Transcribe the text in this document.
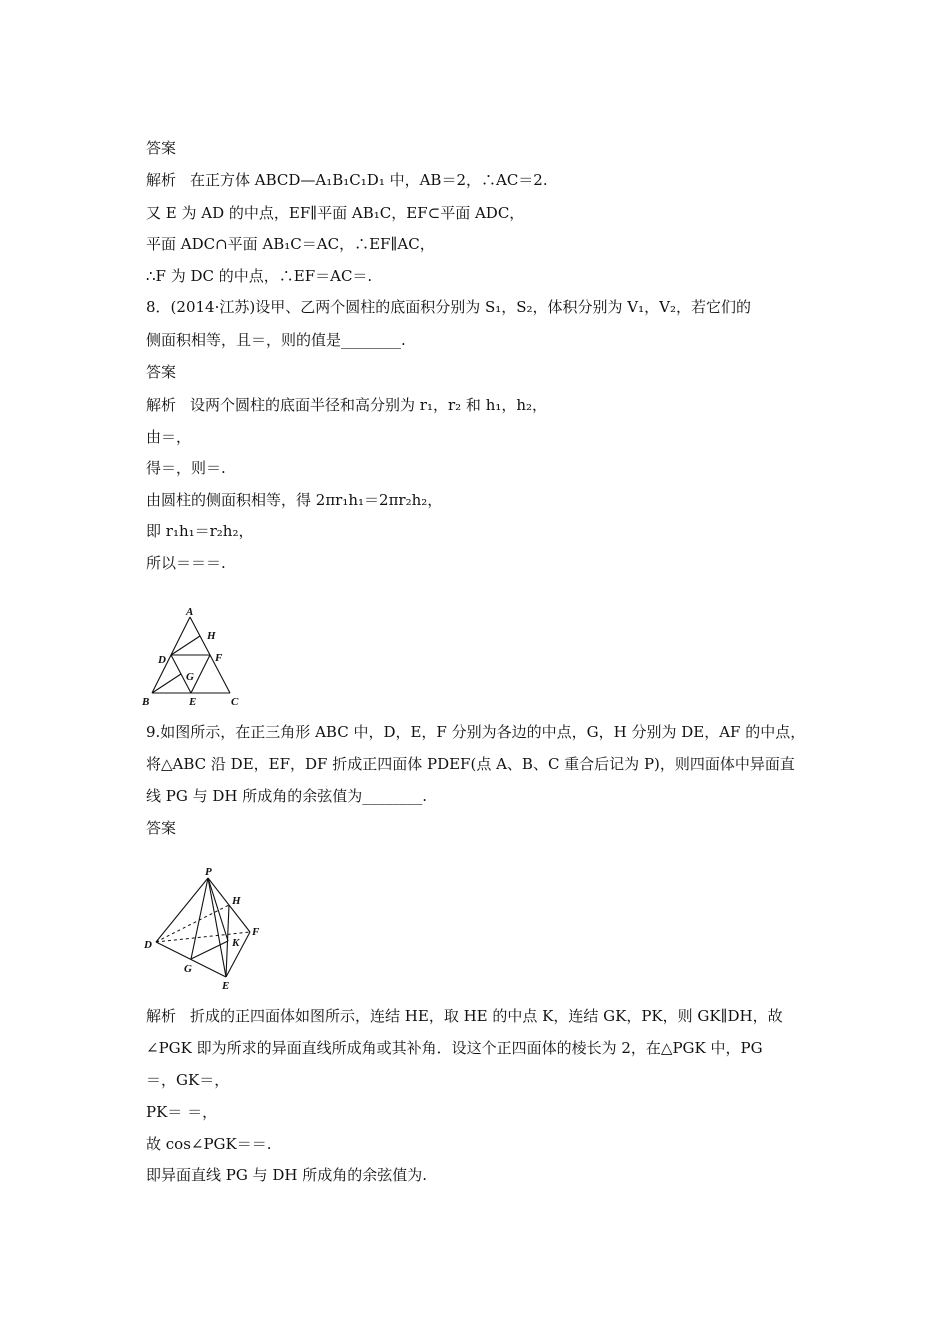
答案
解析 在正方体 ABCD—A₁B₁C₁D₁ 中，AB＝2，∴AC＝2.
又 E 为 AD 的中点，EF∥平面 AB₁C，EF⊂平面 ADC，
平面 ADC∩平面 AB₁C＝AC，∴EF∥AC，
∴F 为 DC 的中点，∴EF＝AC＝.
8．(2014·江苏)设甲、乙两个圆柱的底面积分别为 S₁，S₂，体积分别为 V₁，V₂，若它们的
侧面积相等，且＝，则的值是________.
答案
解析 设两个圆柱的底面半径和高分别为 r₁，r₂ 和 h₁，h₂，
由＝，
得＝，则＝.
由圆柱的侧面积相等，得 2πr₁h₁＝2πr₂h₂，
即 r₁h₁＝r₂h₂，
所以＝＝＝.
A
B	C
D
E
F
G
H
9.如图所示，在正三角形 ABC 中，D，E，F 分别为各边的中点，G，H 分别为 DE，AF 的中点，
将△ABC 沿 DE，EF，DF 折成正四面体 PDEF(点 A、B、C 重合后记为 P)，则四面体中异面直
线 PG 与 DH 所成角的余弦值为________.
答案
P
D
E
F
G
H
K
解析 折成的正四面体如图所示，连结 HE，取 HE 的中点 K，连结 GK，PK，则 GK∥DH，故
∠PGK 即为所求的异面直线所成角或其补角．设这个正四面体的棱长为 2，在△PGK 中，PG
＝，GK＝，
PK＝ ＝，
故 cos∠PGK＝＝.
即异面直线 PG 与 DH 所成角的余弦值为.
